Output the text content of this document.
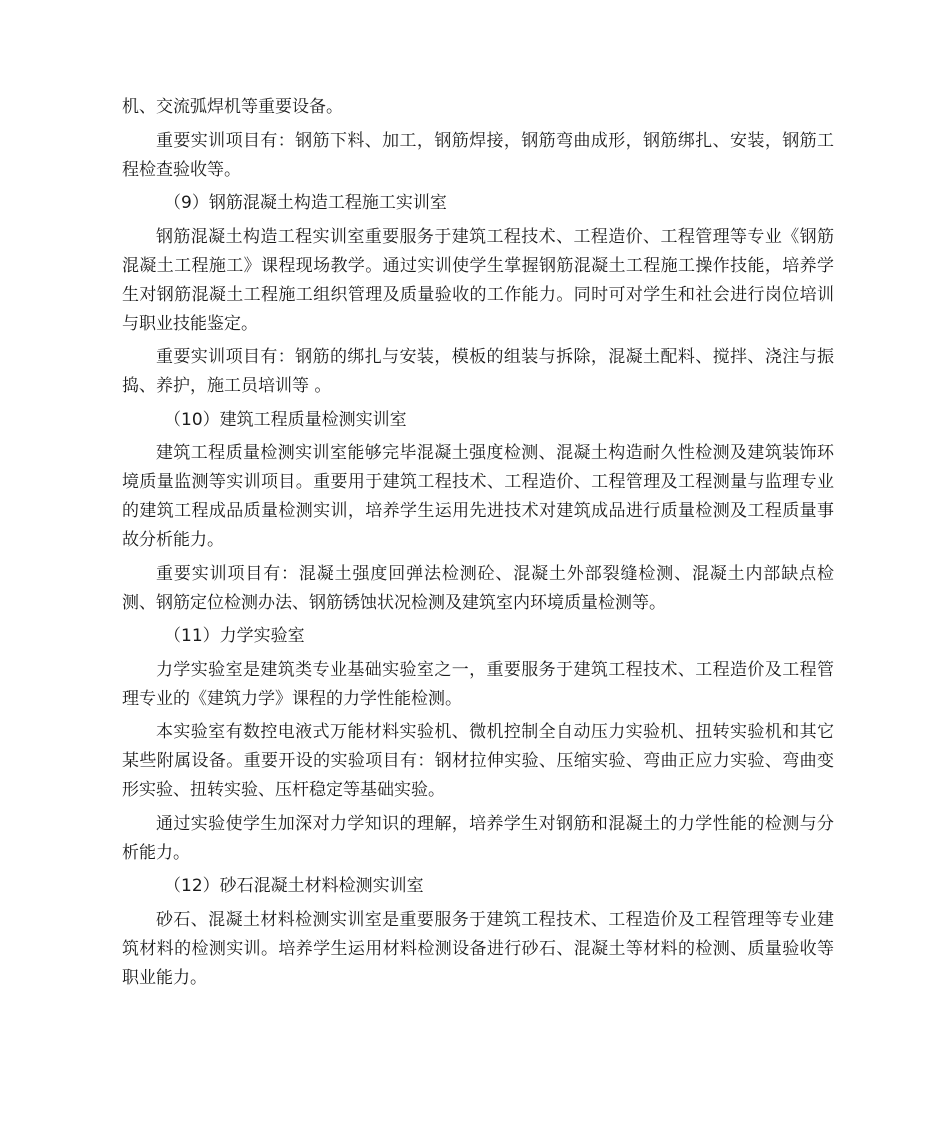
机、交流弧焊机等重要设备。

重要实训项目有：钢筋下料、加工，钢筋焊接，钢筋弯曲成形，钢筋绑扎、安装，钢筋工程检查验收等。

（9）钢筋混凝土构造工程施工实训室

钢筋混凝土构造工程实训室重要服务于建筑工程技术、工程造价、工程管理等专业《钢筋混凝土工程施工》课程现场教学。通过实训使学生掌握钢筋混凝土工程施工操作技能，培养学生对钢筋混凝土工程施工组织管理及质量验收的工作能力。同时可对学生和社会进行岗位培训与职业技能鉴定。

重要实训项目有：钢筋的绑扎与安装，模板的组装与拆除，混凝土配料、搅拌、浇注与振捣、养护，施工员培训等 。

（10）建筑工程质量检测实训室

建筑工程质量检测实训室能够完毕混凝土强度检测、混凝土构造耐久性检测及建筑装饰环境质量监测等实训项目。重要用于建筑工程技术、工程造价、工程管理及工程测量与监理专业的建筑工程成品质量检测实训，培养学生运用先进技术对建筑成品进行质量检测及工程质量事故分析能力。

重要实训项目有：混凝土强度回弹法检测砼、混凝土外部裂缝检测、混凝土内部缺点检测、钢筋定位检测办法、钢筋锈蚀状况检测及建筑室内环境质量检测等。

（11）力学实验室

力学实验室是建筑类专业基础实验室之一，重要服务于建筑工程技术、工程造价及工程管理专业的《建筑力学》课程的力学性能检测。

本实验室有数控电液式万能材料实验机、微机控制全自动压力实验机、扭转实验机和其它某些附属设备。重要开设的实验项目有：钢材拉伸实验、压缩实验、弯曲正应力实验、弯曲变形实验、扭转实验、压杆稳定等基础实验。

通过实验使学生加深对力学知识的理解，培养学生对钢筋和混凝土的力学性能的检测与分析能力。

（12）砂石混凝土材料检测实训室

砂石、混凝土材料检测实训室是重要服务于建筑工程技术、工程造价及工程管理等专业建筑材料的检测实训。培养学生运用材料检测设备进行砂石、混凝土等材料的检测、质量验收等职业能力。
